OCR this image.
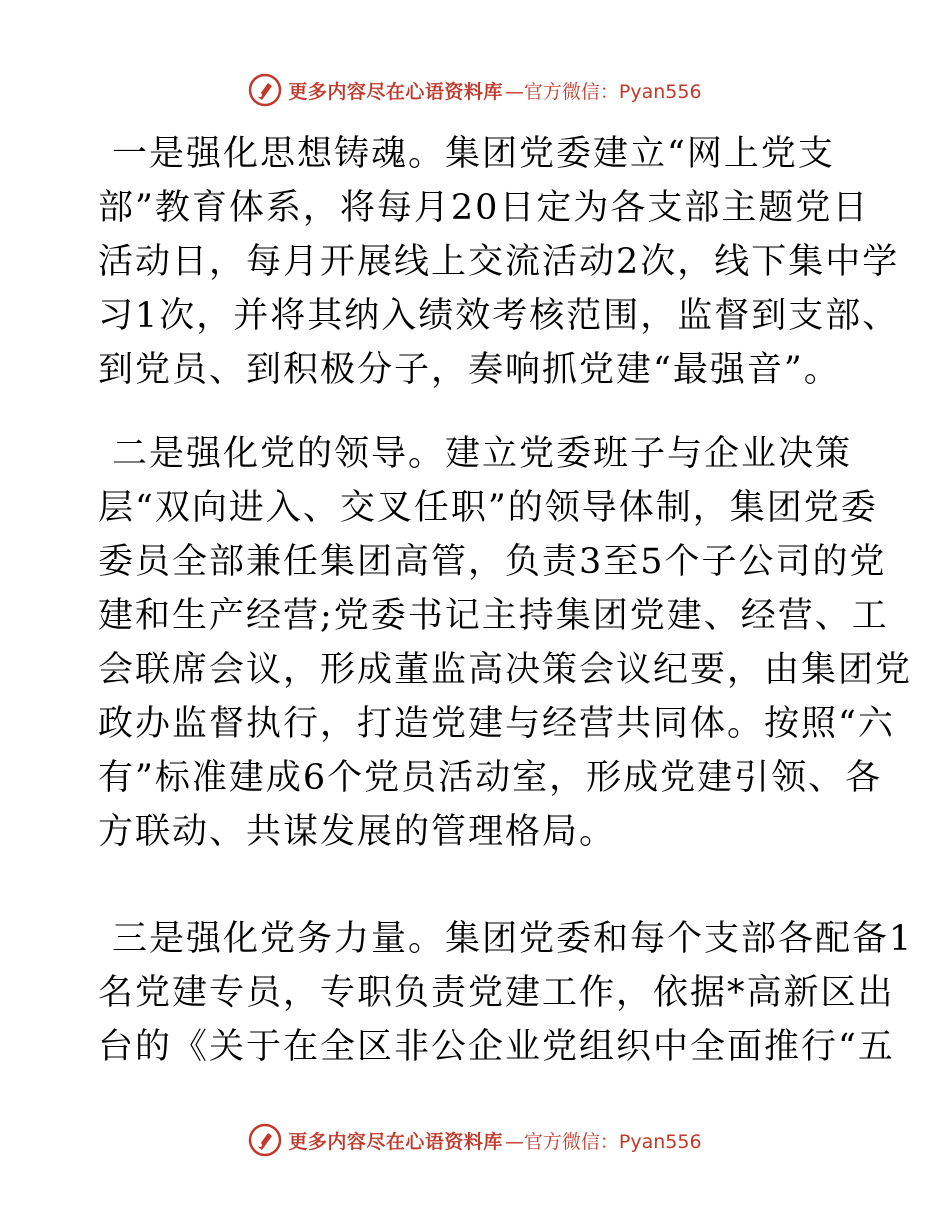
更多内容尽在心语资料库 —官方微信：Pyan556
一是强化思想铸魂。集团党委建立“网上党支
部”教育体系，将每月20日定为各支部主题党日
活动日，每月开展线上交流活动2次，线下集中学
习1次，并将其纳入绩效考核范围，监督到支部、
到党员、到积极分子，奏响抓党建“最强音”。
二是强化党的领导。建立党委班子与企业决策
层“双向进入、交叉任职”的领导体制，集团党委
委员全部兼任集团高管，负责3至5个子公司的党
建和生产经营;党委书记主持集团党建、经营、工
会联席会议，形成董监高决策会议纪要，由集团党
政办监督执行，打造党建与经营共同体。按照“六
有”标准建成6个党员活动室，形成党建引领、各
方联动、共谋发展的管理格局。
三是强化党务力量。集团党委和每个支部各配备1
名党建专员，专职负责党建工作，依据*高新区出
台的《关于在全区非公企业党组织中全面推行“五
更多内容尽在心语资料库 —官方微信：Pyan556
